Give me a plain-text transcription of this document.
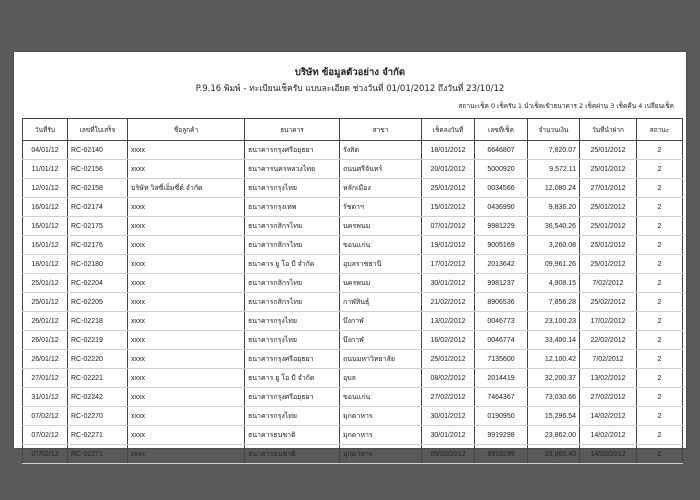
บริษัท ข้อมูลตัวอย่าง จำกัด
P.9.16 พิมพ์ - ทะเบียนเช็ครับ แบบละเอียด ช่วงวันที่ 01/01/2012 ถึงวันที่ 23/10/12
สถานะเช็ค 0 เช็ครับ 1 นำเช็คเข้าธนาคาร 2 เช็คผ่าน 3 เช็คคืน 4 เปลี่ยนเช็ค
วันที่รับ	เลขที่ใบเสร็จ	ชื่อลูกค้า	ธนาคาร	สาขา	เช็คลงวันที่	เลขที่เช็ค	จำนวนเงิน	วันที่นำฝาก	สถานะ
04/01/12	RC-02140	xxxx	ธนาคารกรุงศรีอยุธยา	รังสิต	18/01/2012	6646807	7,820.07	25/01/2012	2
11/01/12	RC-02156	xxxx	ธนาคารนครหลวงไทย	ถนนศรีจันทร์	20/01/2012	5000920	9,572.11	25/01/2012	2
12/01/12	RC-02158	บริษัท วิสซี่เอ็มซี่ต์ จำกัด	ธนาคารกรุงไทย	หลักเมือง	25/01/2012	0034566	12,080.24	27/01/2012	2
16/01/12	RC-02174	xxxx	ธนาคารกรุงเทพ	รัชดาฯ	15/01/2012	0436990	9,836.20	25/01/2012	2
16/01/12	RC-02175	xxxx	ธนาคารกสิกรไทย	นครพนม	07/01/2012	9981229	36,540.26	25/01/2012	2
16/01/12	RC-02176	xxxx	ธนาคารกสิกรไทย	ขอนแก่น	19/01/2012	9005169	3,260.08	25/01/2012	2
18/01/12	RC-02180	xxxx	ธนาคาร ยู โอ บี จำกัด	อุบลราชธานี	17/01/2012	2013642	09,961.26	25/01/2012	2
25/01/12	RC-02204	xxxx	ธนาคารกสิกรไทย	นครพนม	30/01/2012	9981237	4,908.15	7/02/2012	2
25/01/12	RC-02205	xxxx	ธนาคารกสิกรไทย	กาฬสินธุ์	21/02/2012	8906536	7,856.28	25/02/2012	2
26/01/12	RC-02218	xxxx	ธนาคารกรุงไทย	บึงกาฬ	13/02/2012	0046773	23,100.23	17/02/2012	2
26/01/12	RC-02219	xxxx	ธนาคารกรุงไทย	บึงกาฬ	16/02/2012	0046774	33,400.14	22/02/2012	2
26/01/12	RC-02220	xxxx	ธนาคารกรุงศรีอยุธยา	ถนนมหาวิทยาลัย	25/01/2012	7135600	12,100.42	7/02/2012	2
27/01/12	RC-02221	xxxx	ธนาคาร ยู โอ บี จำกัด	อุบล	08/02/2012	2014419	32,200.37	13/02/2012	2
31/01/12	RC-02242	xxxx	ธนาคารกรุงศรีอยุธยา	ขอนแก่น	27/02/2012	7464367	73,030.66	27/02/2012	2
07/02/12	RC-02270	xxxx	ธนาคารกรุงไทย	มุกดาหาร	30/01/2012	0190950	15,296.54	14/02/2012	2
07/02/12	RC-02271	xxxx	ธนาคารธนชาติ	มุกดาหาร	30/01/2012	9919298	23,862.00	14/02/2012	2
07/02/12	RC-02271	xxxx	ธนาคารธนชาติ	มุกดาหาร	05/02/2012	9919299	23,860.40	14/02/2012	2
